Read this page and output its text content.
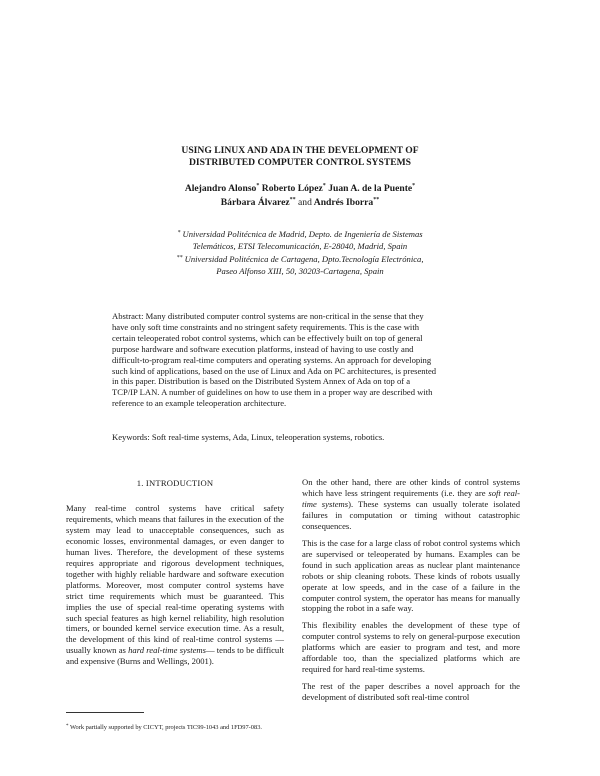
USING LINUX AND ADA IN THE DEVELOPMENT OF
DISTRIBUTED COMPUTER CONTROL SYSTEMS
Alejandro Alonso* Roberto López* Juan A. de la Puente*
Bárbara Álvarez** and Andrés Iborra**
* Universidad Politécnica de Madrid, Depto. de Ingeniería de Sistemas
Telemáticos, ETSI Telecomunicación, E-28040, Madrid, Spain
** Universidad Politécnica de Cartagena, Dpto.Tecnología Electrónica,
Paseo Alfonso XIII, 50, 30203-Cartagena, Spain

Abstract: Many distributed computer control systems are non-critical in the sense that they

have only soft time constraints and no stringent safety requirements. This is the case with

certain teleoperated robot control systems, which can be effectively built on top of general

purpose hardware and software execution platforms, instead of having to use costly and

difficult-to-program real-time computers and operating systems. An approach for developing

such kind of applications, based on the use of Linux and Ada on PC architectures, is presented

in this paper. Distribution is based on the Distributed System Annex of Ada on top of a

TCP/IP LAN. A number of guidelines on how to use them in a proper way are described with

reference to an example teleoperation architecture.

Keywords: Soft real-time systems, Ada, Linux, teleoperation systems, robotics.
1. INTRODUCTION

Many real-time control systems have critical safety requirements, which means that failures in the execution of the system may lead to unacceptable consequences, such as economic losses, environmental damages, or even danger to human lives. Therefore, the development of these systems requires appropriate and rigorous development techniques, together with highly reliable hardware and software execution platforms. Moreover, most computer control systems have strict time requirements which must be guaranteed. This implies the use of special real-time operating systems with such special features as high kernel reliability, high resolution timers, or bounded kernel service execution time. As a result, the development of this kind of real-time control systems —usually known as hard real-time systems— tends to be difficult and expensive (Burns and Wellings, 2001).

On the other hand, there are other kinds of control systems which have less stringent requirements (i.e. they are soft real-time systems). These systems can usually tolerate isolated failures in computation or timing without catastrophic consequences.

This is the case for a large class of robot control systems which are supervised or teleoperated by humans. Examples can be found in such application areas as nuclear plant maintenance robots or ship cleaning robots. These kinds of robots usually operate at low speeds, and in the case of a failure in the computer control system, the operator has means for manually stopping the robot in a safe way.

This flexibility enables the development of these type of computer control systems to rely on general-purpose execution platforms which are easier to program and test, and more affordable too, than the specialized platforms which are required for hard real-time systems.

The rest of the paper describes a novel approach for the development of distributed soft real-time control

* Work partially supported by CICYT, projects TIC99-1043 and 1FD97-083.
